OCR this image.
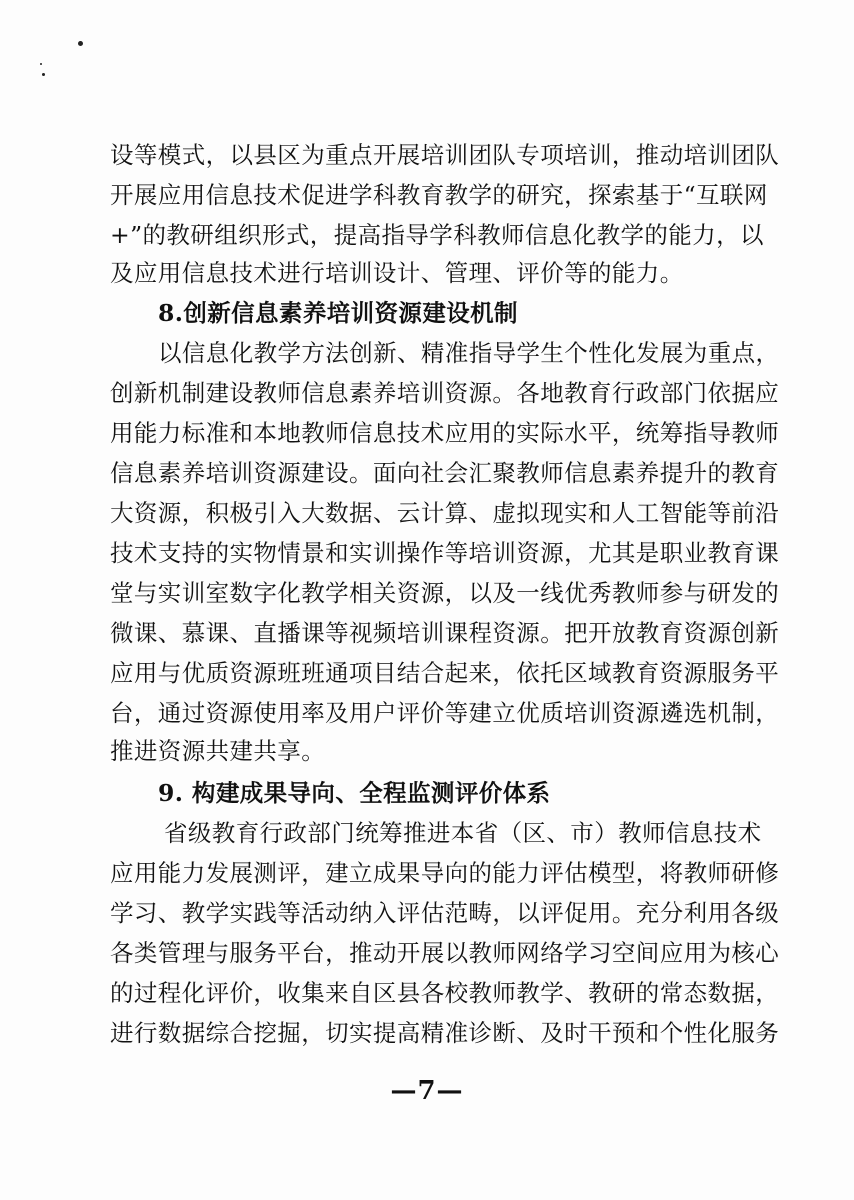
设等模式，以县区为重点开展培训团队专项培训，推动培训团队
开展应用信息技术促进学科教育教学的研究，探索基于“互联网
+”的教研组织形式，提高指导学科教师信息化教学的能力，以
及应用信息技术进行培训设计、管理、评价等的能力。
8.创新信息素养培训资源建设机制
以信息化教学方法创新、精准指导学生个性化发展为重点，
创新机制建设教师信息素养培训资源。各地教育行政部门依据应
用能力标准和本地教师信息技术应用的实际水平，统筹指导教师
信息素养培训资源建设。面向社会汇聚教师信息素养提升的教育
大资源，积极引入大数据、云计算、虚拟现实和人工智能等前沿
技术支持的实物情景和实训操作等培训资源，尤其是职业教育课
堂与实训室数字化教学相关资源，以及一线优秀教师参与研发的
微课、慕课、直播课等视频培训课程资源。把开放教育资源创新
应用与优质资源班班通项目结合起来，依托区域教育资源服务平
台，通过资源使用率及用户评价等建立优质培训资源遴选机制，
推进资源共建共享。
9. 构建成果导向、全程监测评价体系
省级教育行政部门统筹推进本省（区、市）教师信息技术
应用能力发展测评，建立成果导向的能力评估模型，将教师研修
学习、教学实践等活动纳入评估范畴，以评促用。充分利用各级
各类管理与服务平台，推动开展以教师网络学习空间应用为核心
的过程化评价，收集来自区县各校教师教学、教研的常态数据，
进行数据综合挖掘，切实提高精准诊断、及时干预和个性化服务
—7—
